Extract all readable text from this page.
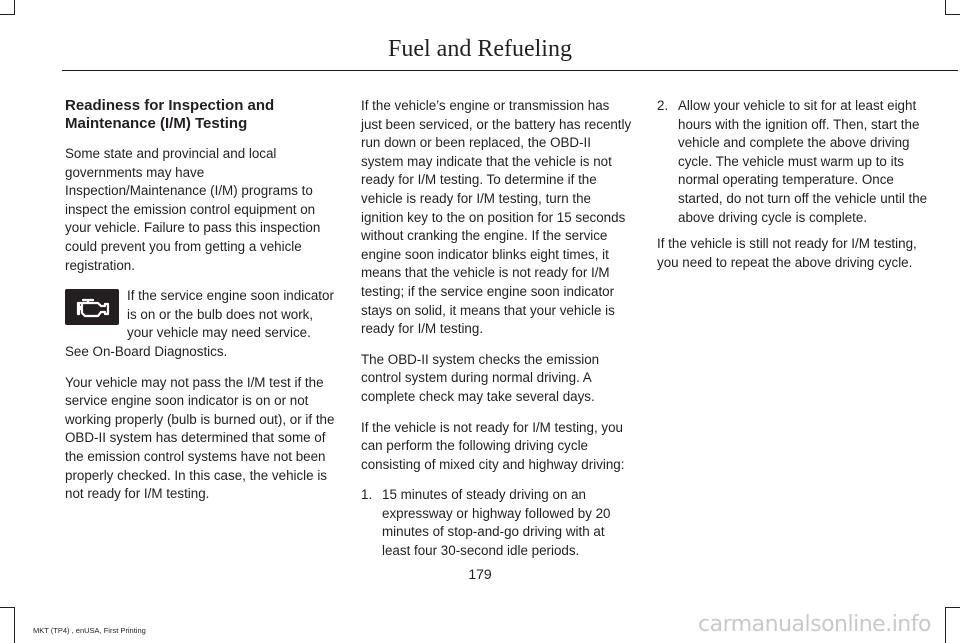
Fuel and Refueling
Readiness for Inspection and Maintenance (I/M) Testing

Some state and provincial and local governments may have Inspection/Maintenance (I/M) programs to inspect the emission control equipment on your vehicle. Failure to pass this inspection could prevent you from getting a vehicle registration.

If the service engine soon indicator is on or the bulb does not work, your vehicle may need service.

See On-Board Diagnostics.

Your vehicle may not pass the I/M test if the service engine soon indicator is on or not working properly (bulb is burned out), or if the OBD-II system has determined that some of the emission control systems have not been properly checked. In this case, the vehicle is not ready for I/M testing.

If the vehicle’s engine or transmission has just been serviced, or the battery has recently run down or been replaced, the OBD-II system may indicate that the vehicle is not ready for I/M testing. To determine if the vehicle is ready for I/M testing, turn the ignition key to the on position for 15 seconds without cranking the engine. If the service engine soon indicator blinks eight times, it means that the vehicle is not ready for I/M testing; if the service engine soon indicator stays on solid, it means that your vehicle is ready for I/M testing.

The OBD-II system checks the emission control system during normal driving. A complete check may take several days.

If the vehicle is not ready for I/M testing, you can perform the following driving cycle consisting of mixed city and highway driving:

1. 15 minutes of steady driving on an expressway or highway followed by 20 minutes of stop-and-go driving with at least four 30-second idle periods.
2. Allow your vehicle to sit for at least eight hours with the ignition off. Then, start the vehicle and complete the above driving cycle. The vehicle must warm up to its normal operating temperature. Once started, do not turn off the vehicle until the above driving cycle is complete.

If the vehicle is still not ready for I/M testing, you need to repeat the above driving cycle.

179
MKT (TP4) , enUSA, First Printing	carmanualsonline.info
